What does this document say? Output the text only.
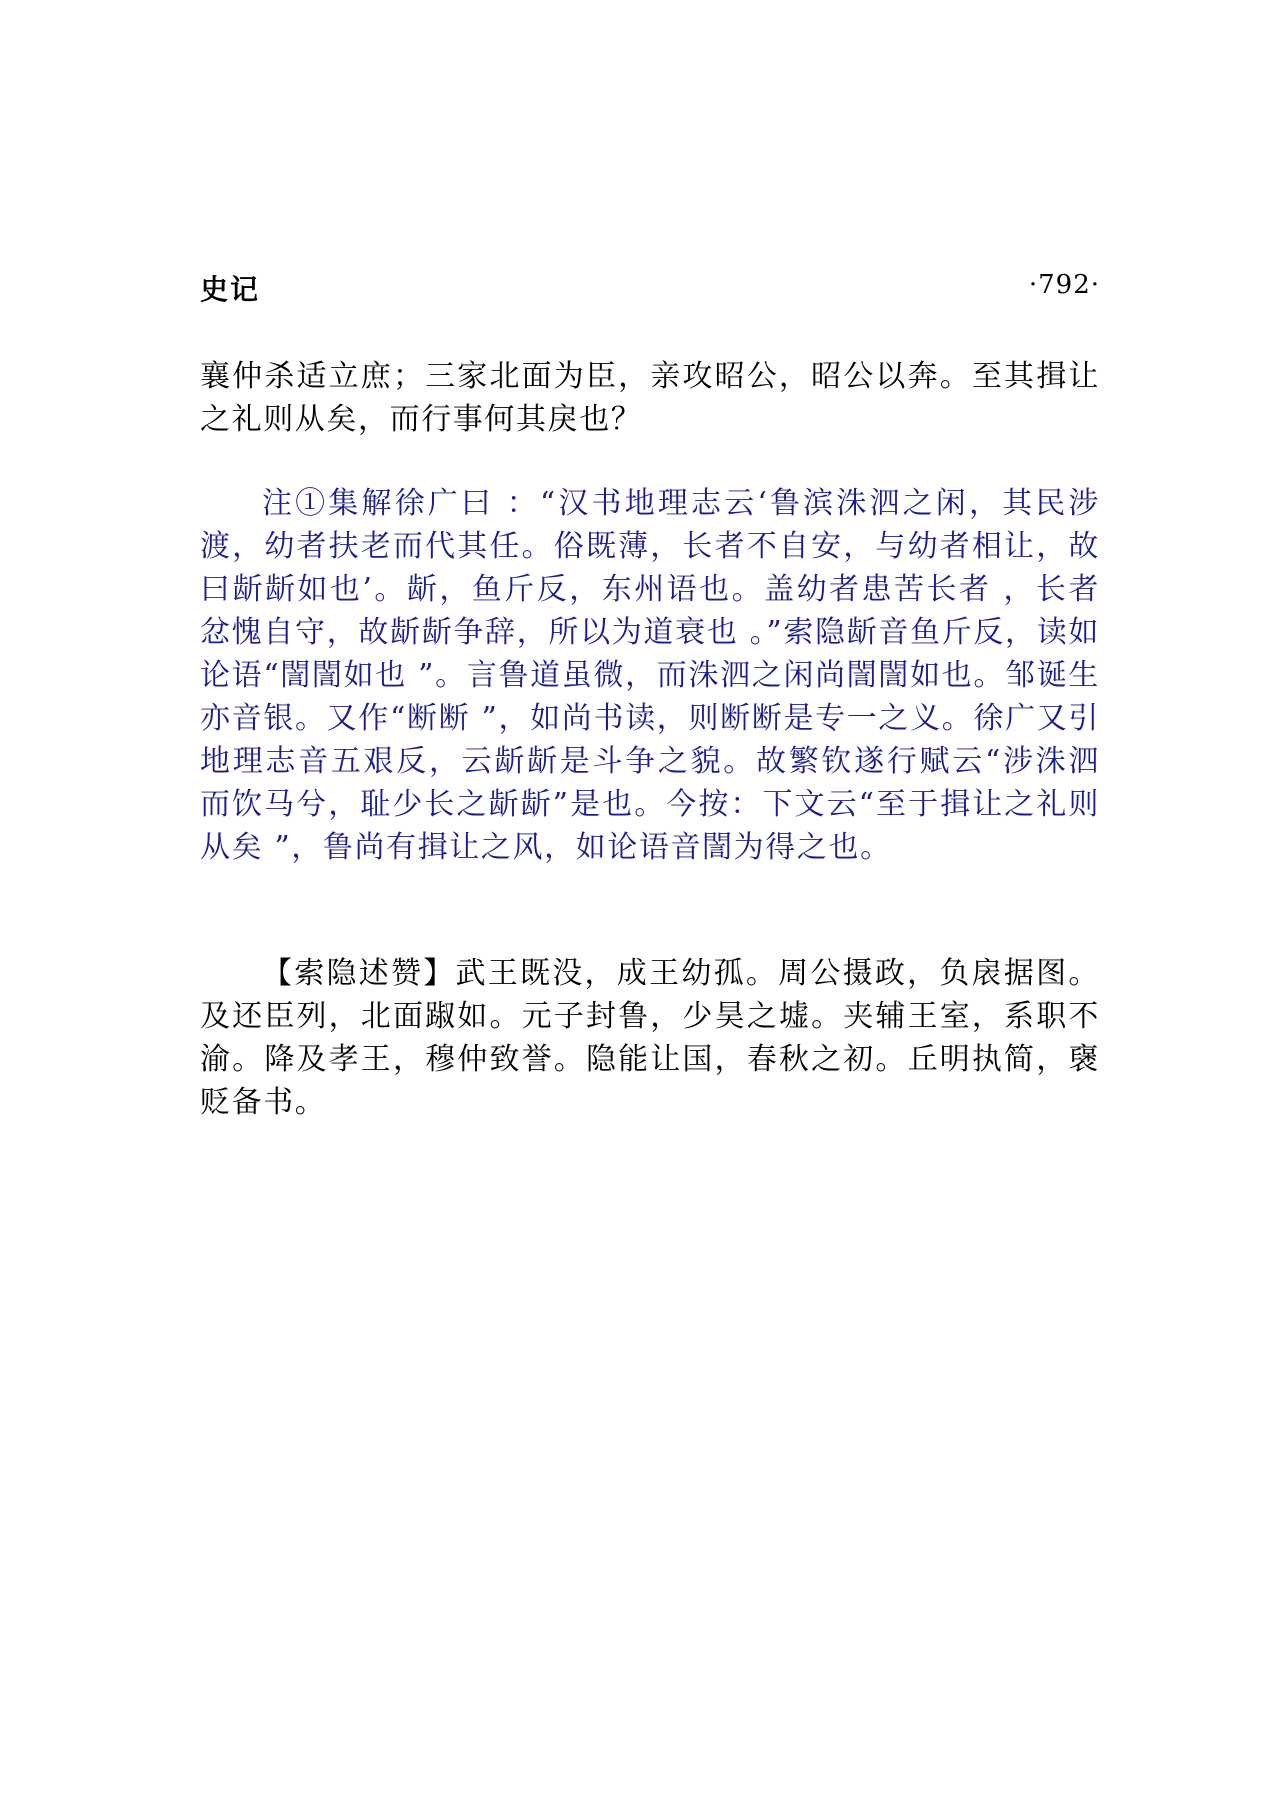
史记	·792·

襄仲杀适立庶；三家北面为臣，亲攻昭公，昭公以奔。至其揖让之礼则从矣，而行事何其戾也？

注①集解徐广曰 ：“汉书地理志云‘鲁滨洙泗之闲，其民涉渡，幼者扶老而代其任。俗既薄，长者不自安，与幼者相让，故曰龂龂如也’。龂，鱼斤反，东州语也。盖幼者患苦长者 ，长者忿愧自守，故龂龂争辞，所以为道衰也 。”索隐龂音鱼斤反，读如论语“誾誾如也 ”。言鲁道虽微，而洙泗之闲尚誾誾如也。邹诞生亦音银。又作“断断 ”，如尚书读，则断断是专一之义。徐广又引地理志音五艰反，云龂龂是斗争之貌。故繁钦遂行赋云“涉洙泗而饮马兮，耻少长之龂龂”是也。今按：下文云“至于揖让之礼则从矣 ”，鲁尚有揖让之风，如论语音誾为得之也。

【索隐述赞】武王既没，成王幼孤。周公摄政，负扆据图。及还臣列，北面踧如。元子封鲁，少昊之墟。夹辅王室，系职不渝。降及孝王，穆仲致誉。隐能让国，春秋之初。丘明执简，襃贬备书。
